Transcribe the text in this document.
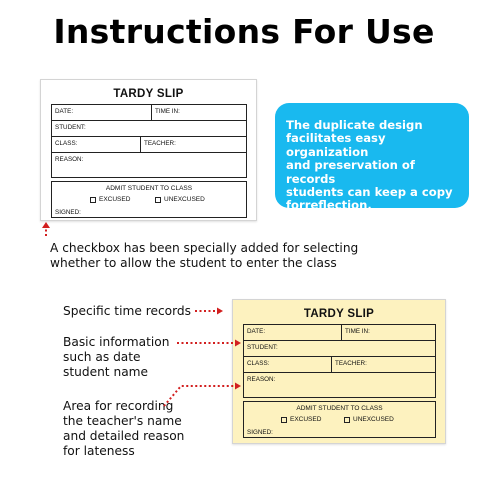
Instructions For Use
TARDY SLIP
DATE:	TIME IN:
STUDENT:
CLASS:	TEACHER:
REASON:
ADMIT STUDENT TO CLASS
EXCUSED	UNEXCUSED
SIGNED:
The duplicate design
facilitates easy organization
and preservation of records
students can keep a copy
forreflection.
A checkbox has been specially added for selecting
whether to allow the student to enter the class
Specific time records
Basic information
such as date
student name
Area for recording
the teacher's name
and detailed reason
for lateness
TARDY SLIP
DATE:	TIME IN:
STUDENT:
CLASS:	TEACHER:
REASON:
ADMIT STUDENT TO CLASS
EXCUSED	UNEXCUSED
SIGNED:
